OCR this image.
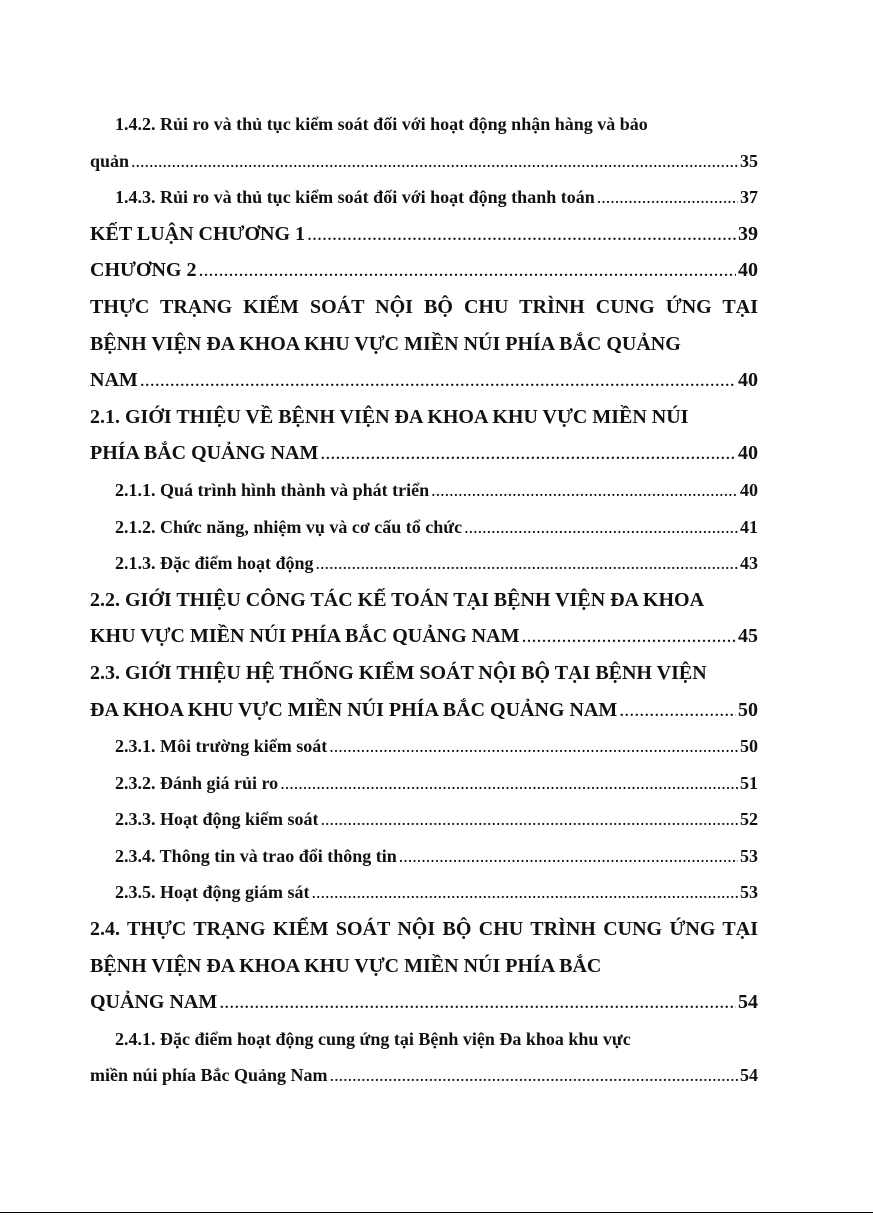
1.4.2. Rủi ro và thủ tục kiểm soát đối với hoạt động nhận hàng và bảo
quản .....	35
1.4.3. Rủi ro và thủ tục kiểm soát đối với hoạt động thanh toán .....	37
KẾT LUẬN CHƯƠNG 1 .....	39
CHƯƠNG 2 .....	40
THỰC TRẠNG KIỂM SOÁT NỘI BỘ CHU TRÌNH CUNG ỨNG TẠI BỆNH VIỆN ĐA KHOA KHU VỰC MIỀN NÚI PHÍA BẮC QUẢNG
NAM .....	40
2.1. GIỚI THIỆU VỀ BỆNH VIỆN ĐA KHOA KHU VỰC MIỀN NÚI
PHÍA BẮC QUẢNG NAM .....	40
2.1.1. Quá trình hình thành và phát triển .....	40
2.1.2. Chức năng, nhiệm vụ và cơ cấu tổ chức .....	41
2.1.3. Đặc điểm hoạt động .....	43
2.2. GIỚI THIỆU CÔNG TÁC KẾ TOÁN TẠI BỆNH VIỆN ĐA KHOA
KHU VỰC MIỀN NÚI PHÍA BẮC QUẢNG NAM .....	45
2.3. GIỚI THIỆU HỆ THỐNG KIỂM SOÁT NỘI BỘ TẠI BỆNH VIỆN
ĐA KHOA KHU VỰC MIỀN NÚI PHÍA BẮC QUẢNG NAM .....	50
2.3.1. Môi trường kiểm soát .....	50
2.3.2. Đánh giá rủi ro .....	51
2.3.3. Hoạt động kiểm soát .....	52
2.3.4. Thông tin và trao đổi thông tin .....	53
2.3.5. Hoạt động giám sát .....	53
2.4. THỰC TRẠNG KIỂM SOÁT NỘI BỘ CHU TRÌNH CUNG ỨNG TẠI BỆNH VIỆN ĐA KHOA KHU VỰC MIỀN NÚI PHÍA BẮC
QUẢNG NAM .....	54
2.4.1. Đặc điểm hoạt động cung ứng tại Bệnh viện Đa khoa khu vực
miền núi phía Bắc Quảng Nam .....	54
